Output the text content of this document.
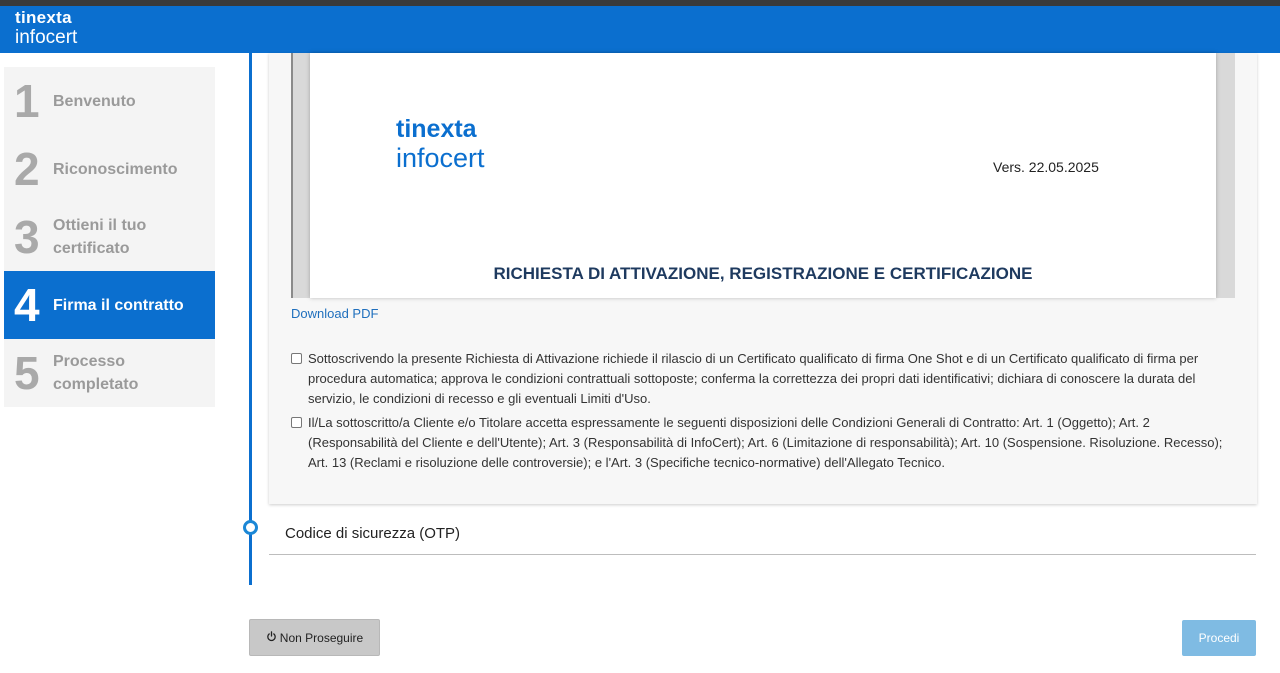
tinexta
infocert
1 Benvenuto
2 Riconoscimento
3 Ottieni il tuo certificato
4 Firma il contratto
5 Processo completato
tinexta
infocert	Vers. 22.05.2025
RICHIESTA DI ATTIVAZIONE, REGISTRAZIONE E CERTIFICAZIONE
Download PDF
Sottoscrivendo la presente Richiesta di Attivazione richiede il rilascio di un Certificato qualificato di firma One Shot e di un Certificato qualificato di firma per procedura automatica; approva le condizioni contrattuali sottoposte; conferma la correttezza dei propri dati identificativi; dichiara di conoscere la durata del servizio, le condizioni di recesso e gli eventuali Limiti d'Uso.
Il/La sottoscritto/a Cliente e/o Titolare accetta espressamente le seguenti disposizioni delle Condizioni Generali di Contratto: Art. 1 (Oggetto); Art. 2 (Responsabilità del Cliente e dell'Utente); Art. 3 (Responsabilità di InfoCert); Art. 6 (Limitazione di responsabilità); Art. 10 (Sospensione. Risoluzione. Recesso); Art. 13 (Reclami e risoluzione delle controversie); e l'Art. 3 (Specifiche tecnico-normative) dell'Allegato Tecnico.
Codice di sicurezza (OTP)
Non Proseguire	Procedi
